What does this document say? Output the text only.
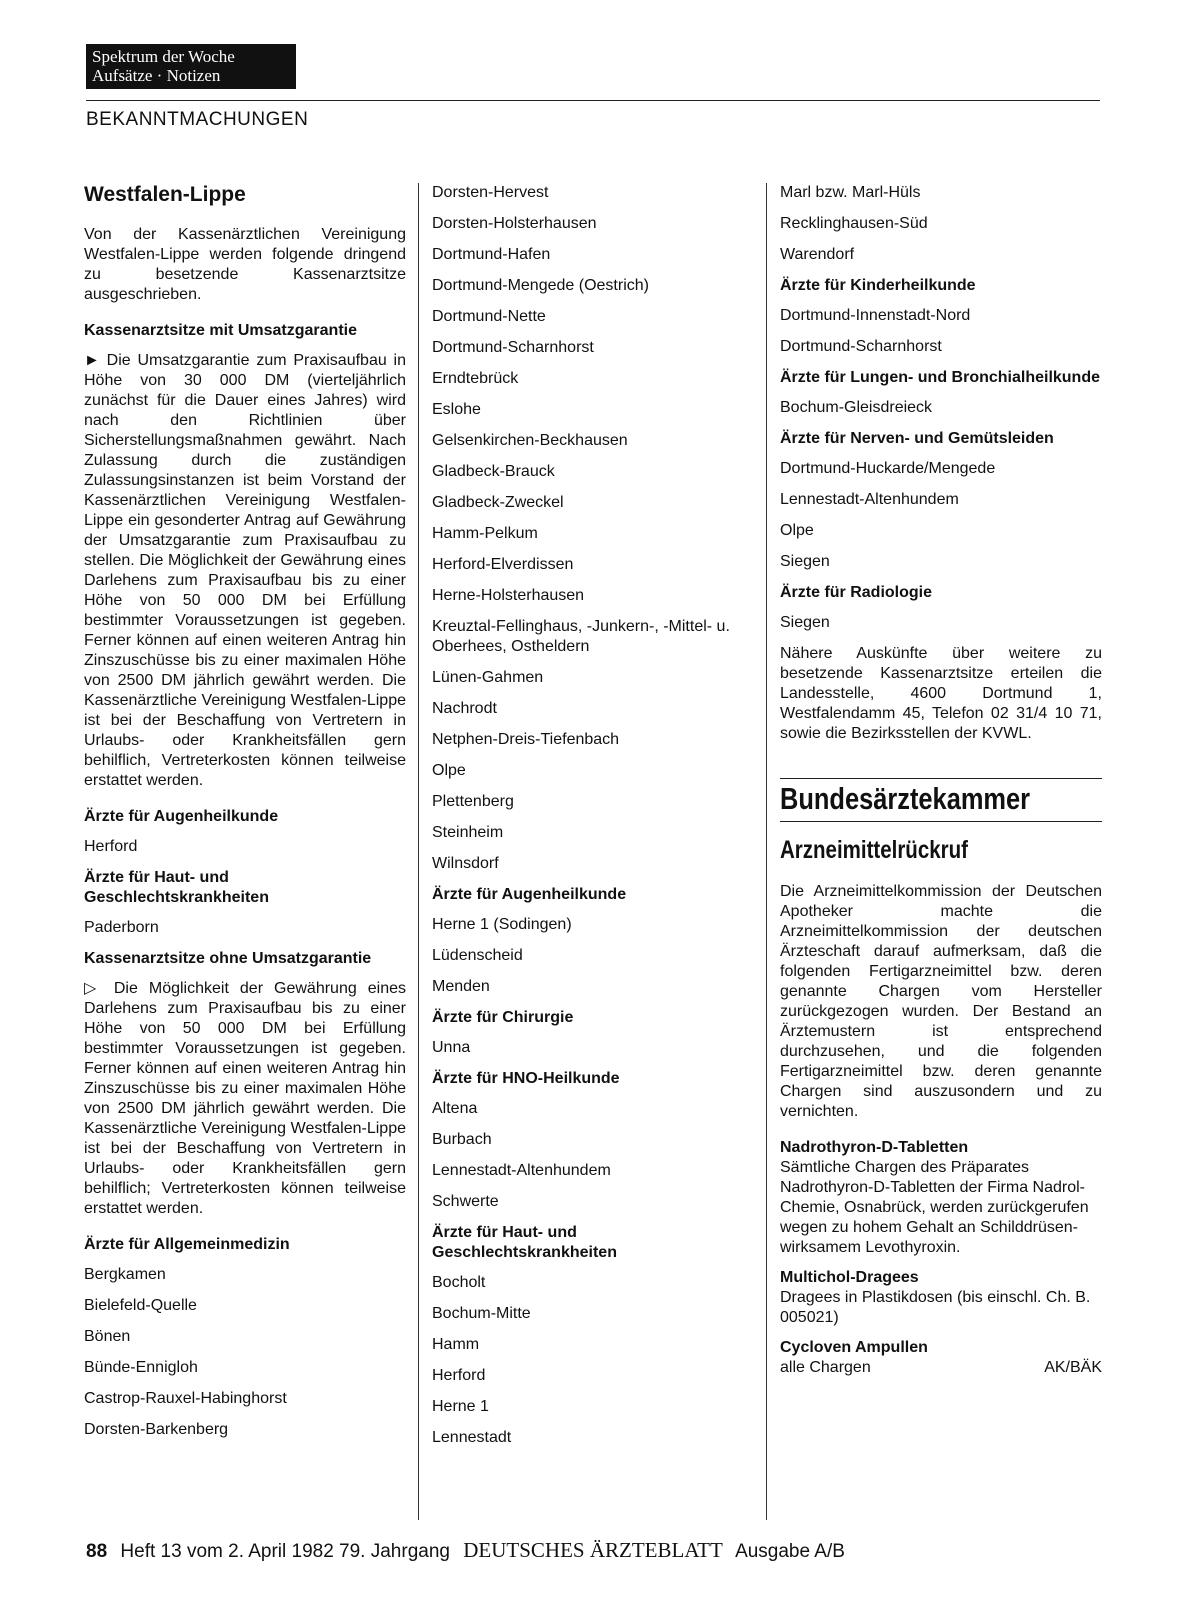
Spektrum der Woche
Aufsätze · Notizen
BEKANNTMACHUNGEN
Westfalen-Lippe

Von der Kassenärztlichen Vereinigung Westfalen-Lippe werden folgende dringend zu besetzende Kassenarztsitze ausgeschrieben.

Kassenarztsitze mit Umsatzgarantie

► Die Umsatzgarantie zum Praxisaufbau in Höhe von 30 000 DM (vierteljährlich zunächst für die Dauer eines Jahres) wird nach den Richtlinien über Sicherstellungsmaßnahmen gewährt. Nach Zulassung durch die zuständigen Zulassungsinstanzen ist beim Vorstand der Kassenärztlichen Vereinigung Westfalen-Lippe ein gesonderter Antrag auf Gewährung der Umsatzgarantie zum Praxisaufbau zu stellen. Die Möglichkeit der Gewährung eines Darlehens zum Praxisaufbau bis zu einer Höhe von 50 000 DM bei Erfüllung bestimmter Voraussetzungen ist gegeben. Ferner können auf einen weiteren Antrag hin Zinszuschüsse bis zu einer maximalen Höhe von 2500 DM jährlich gewährt werden. Die Kassenärztliche Vereinigung Westfalen-Lippe ist bei der Beschaffung von Vertretern in Urlaubs- oder Krankheitsfällen gern behilflich, Vertreterkosten können teilweise erstattet werden.

Ärzte für Augenheilkunde
Herford
Ärzte für Haut- und Geschlechtskrankheiten
Paderborn
Kassenarztsitze ohne Umsatzgarantie

▷ Die Möglichkeit der Gewährung eines Darlehens zum Praxisaufbau bis zu einer Höhe von 50 000 DM bei Erfüllung bestimmter Voraussetzungen ist gegeben. Ferner können auf einen weiteren Antrag hin Zinszuschüsse bis zu einer maximalen Höhe von 2500 DM jährlich gewährt werden. Die Kassenärztliche Vereinigung Westfalen-Lippe ist bei der Beschaffung von Vertretern in Urlaubs- oder Krankheitsfällen gern behilflich; Vertreterkosten können teilweise erstattet werden.

Ärzte für Allgemeinmedizin
Bergkamen
Bielefeld-Quelle
Bönen
Bünde-Ennigloh
Castrop-Rauxel-Habinghorst
Dorsten-Barkenberg
Dorsten-Hervest
Dorsten-Holsterhausen
Dortmund-Hafen
Dortmund-Mengede (Oestrich)
Dortmund-Nette
Dortmund-Scharnhorst
Erndtebrück
Eslohe
Gelsenkirchen-Beckhausen
Gladbeck-Brauck
Gladbeck-Zweckel
Hamm-Pelkum
Herford-Elverdissen
Herne-Holsterhausen
Kreuztal-Fellinghaus, -Junkern-, -Mittel- u. Oberhees, Ostheldern
Lünen-Gahmen
Nachrodt
Netphen-Dreis-Tiefenbach
Olpe
Plettenberg
Steinheim
Wilnsdorf
Ärzte für Augenheilkunde
Herne 1 (Sodingen)
Lüdenscheid
Menden
Ärzte für Chirurgie
Unna
Ärzte für HNO-Heilkunde
Altena
Burbach
Lennestadt-Altenhundem
Schwerte
Ärzte für Haut- und Geschlechtskrankheiten
Bocholt
Bochum-Mitte
Hamm
Herford
Herne 1
Lennestadt
Marl bzw. Marl-Hüls
Recklinghausen-Süd
Warendorf
Ärzte für Kinderheilkunde
Dortmund-Innenstadt-Nord
Dortmund-Scharnhorst
Ärzte für Lungen- und Bronchialheilkunde
Bochum-Gleisdreieck
Ärzte für Nerven- und Gemütsleiden
Dortmund-Huckarde/Mengede
Lennestadt-Altenhundem
Olpe
Siegen
Ärzte für Radiologie
Siegen

Nähere Auskünfte über weitere zu besetzende Kassenarztsitze erteilen die Landesstelle, 4600 Dortmund 1, Westfalendamm 45, Telefon 02 31/4 10 71, sowie die Bezirksstellen der KVWL.

Bundesärztekammer
Arzneimittelrückruf

Die Arzneimittelkommission der Deutschen Apotheker machte die Arzneimittelkommission der deutschen Ärzteschaft darauf aufmerksam, daß die folgenden Fertigarzneimittel bzw. deren genannte Chargen vom Hersteller zurückgezogen wurden. Der Bestand an Ärztemustern ist entsprechend durchzusehen, und die folgenden Fertigarzneimittel bzw. deren genannte Chargen sind auszusondern und zu vernichten.

Nadrothyron-D-Tabletten
Sämtliche Chargen des Präparates Nadrothyron-D-Tabletten der Firma Nadrol-Chemie, Osnabrück, werden zurückgerufen wegen zu hohem Gehalt an Schilddrüsen-wirksamem Levothyroxin.
Multichol-Dragees
Dragees in Plastikdosen (bis einschl. Ch. B. 005021)
Cycloven Ampullen
alle Chargen	AK/BÄK
88 Heft 13 vom 2. April 1982 79. Jahrgang DEUTSCHES ÄRZTEBLATT Ausgabe A/B
